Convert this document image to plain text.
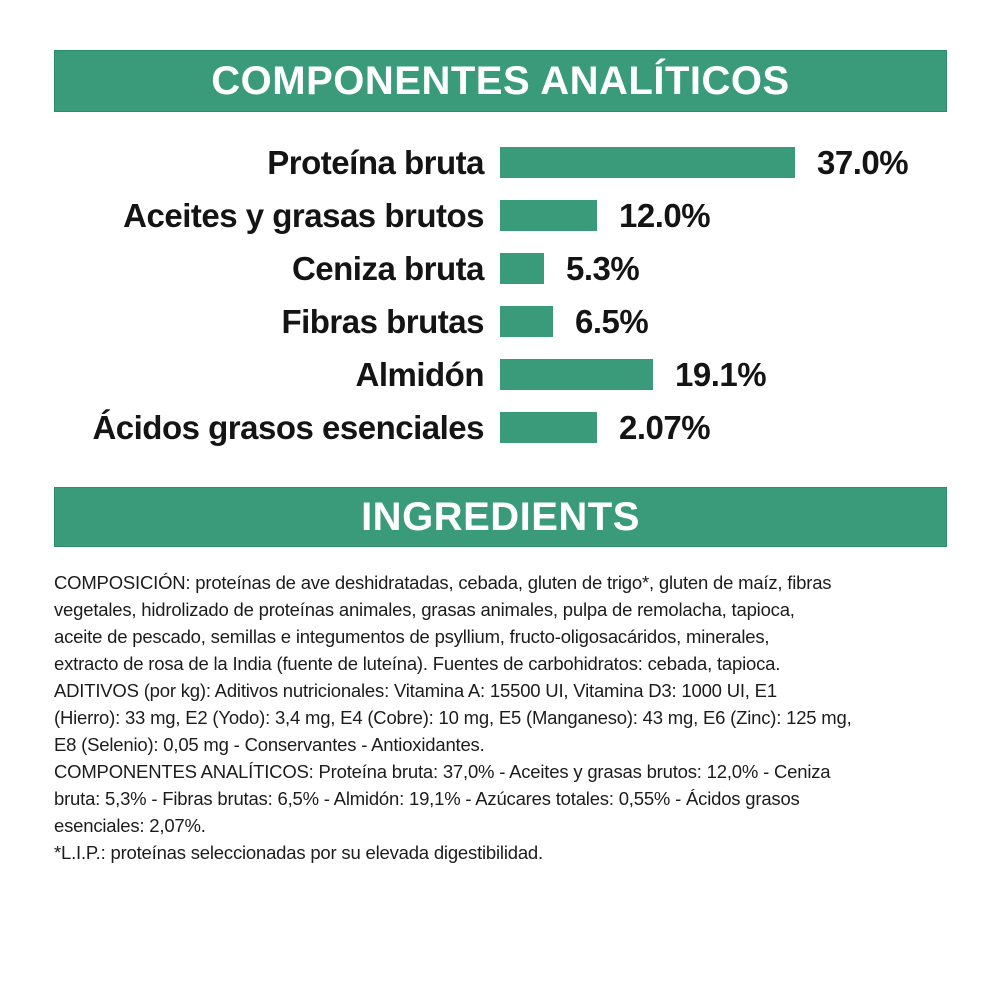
COMPONENTES ANALÍTICOS
Proteína bruta	37.0%
Aceites y grasas brutos	12.0%
Ceniza bruta 5.3%
Fibras brutas	6.5%
Almidón	19.1%
Ácidos grasos esenciales	2.07%
INGREDIENTS
COMPOSICIÓN: proteínas de ave deshidratadas, cebada, gluten de trigo*, gluten de maíz, fibras
vegetales, hidrolizado de proteínas animales, grasas animales, pulpa de remolacha, tapioca,
aceite de pescado, semillas e integumentos de psyllium, fructo-oligosacáridos, minerales,
extracto de rosa de la India (fuente de luteína). Fuentes de carbohidratos: cebada, tapioca.
ADITIVOS (por kg): Aditivos nutricionales: Vitamina A: 15500 UI, Vitamina D3: 1000 UI, E1
(Hierro): 33 mg, E2 (Yodo): 3,4 mg, E4 (Cobre): 10 mg, E5 (Manganeso): 43 mg, E6 (Zinc): 125 mg,
E8 (Selenio): 0,05 mg - Conservantes - Antioxidantes.
COMPONENTES ANALÍTICOS: Proteína bruta: 37,0% - Aceites y grasas brutos: 12,0% - Ceniza
bruta: 5,3% - Fibras brutas: 6,5% - Almidón: 19,1% - Azúcares totales: 0,55% - Ácidos grasos
esenciales: 2,07%.
*L.I.P.: proteínas seleccionadas por su elevada digestibilidad.
